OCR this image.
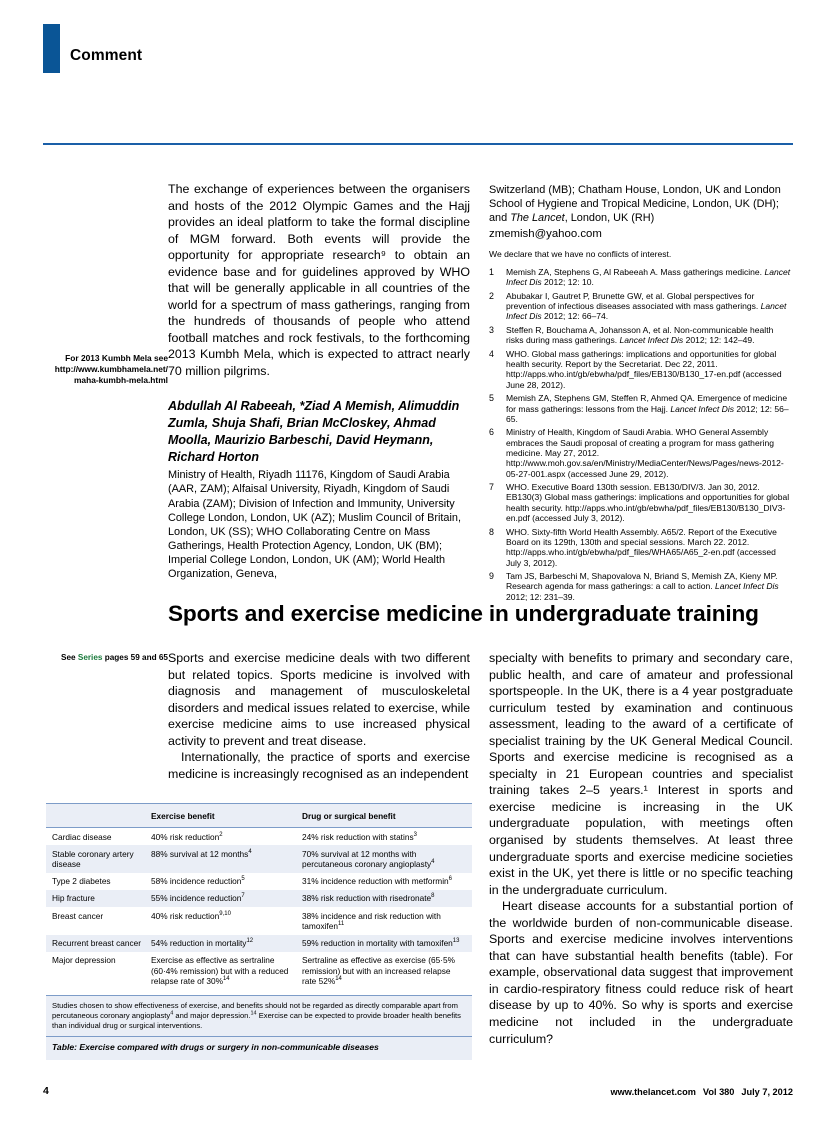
Comment
For 2013 Kumbh Mela see
http://www.kumbhamela.net/
maha-kumbh-mela.html

The exchange of experiences between the organisers and hosts of the 2012 Olympic Games and the Hajj provides an ideal platform to take the formal discipline of MGM forward. Both events will provide the opportunity for appropriate research⁹ to obtain an evidence base and for guidelines approved by WHO that will be generally applicable in all countries of the world for a spectrum of mass gatherings, ranging from the hundreds of thousands of people who attend football matches and rock festivals, to the forthcoming 2013 Kumbh Mela, which is expected to attract nearly 70 million pilgrims.

Abdullah Al Rabeeah, *Ziad A Memish, Alimuddin Zumla, Shuja Shafi, Brian McCloskey, Ahmad Moolla, Maurizio Barbeschi, David Heymann, Richard Horton

Ministry of Health, Riyadh 11176, Kingdom of Saudi Arabia (AAR, ZAM); Alfaisal University, Riyadh, Kingdom of Saudi Arabia (ZAM); Division of Infection and Immunity, University College London, London, UK (AZ); Muslim Council of Britain, London, UK (SS); WHO Collaborating Centre on Mass Gatherings, Health Protection Agency, London, UK (BM); Imperial College London, London, UK (AM); World Health Organization, Geneva,

Switzerland (MB); Chatham House, London, UK and London School of Hygiene and Tropical Medicine, London, UK (DH); and The Lancet, London, UK (RH)

zmemish@yahoo.com

We declare that we have no conflicts of interest.

1 Memish ZA, Stephens G, Al Rabeeah A. Mass gatherings medicine. Lancet Infect Dis 2012; 12: 10.
2 Abubakar I, Gautret P, Brunette GW, et al. Global perspectives for prevention of infectious diseases associated with mass gatherings. Lancet Infect Dis 2012; 12: 66–74.
3 Steffen R, Bouchama A, Johansson A, et al. Non-communicable health risks during mass gatherings. Lancet Infect Dis 2012; 12: 142–49.
4 WHO. Global mass gatherings: implications and opportunities for global health security. Report by the Secretariat. Dec 22, 2011. http://apps.who.int/gb/ebwha/pdf_files/EB130/B130_17-en.pdf (accessed June 28, 2012).
5 Memish ZA, Stephens GM, Steffen R, Ahmed QA. Emergence of medicine for mass gatherings: lessons from the Hajj. Lancet Infect Dis 2012; 12: 56–65.
6 Ministry of Health, Kingdom of Saudi Arabia. WHO General Assembly embraces the Saudi proposal of creating a program for mass gathering medicine. May 27, 2012. http://www.moh.gov.sa/en/Ministry/MediaCenter/News/Pages/news-2012-05-27-001.aspx (accessed June 29, 2012).
7 WHO. Executive Board 130th session. EB130/DIV/3. Jan 30, 2012. EB130(3) Global mass gatherings: implications and opportunities for global health security. http://apps.who.int/gb/ebwha/pdf_files/EB130/B130_DIV3-en.pdf (accessed July 3, 2012).
8 WHO. Sixty-fifth World Health Assembly. A65/2. Report of the Executive Board on its 129th, 130th and special sessions. March 22. 2012. http://apps.who.int/gb/ebwha/pdf_files/WHA65/A65_2-en.pdf (accessed July 3, 2012).
9 Tam JS, Barbeschi M, Shapovalova N, Briand S, Memish ZA, Kieny MP. Research agenda for mass gatherings: a call to action. Lancet Infect Dis 2012; 12: 231–39.
Sports and exercise medicine in undergraduate training
See Series pages 59 and 65 Sports and exercise medicine deals with two different but related topics. Sports medicine is involved with diagnosis and management of musculoskeletal disorders and medical issues related to exercise, while exercise medicine aims to use increased physical activity to prevent and treat disease.

Internationally, the practice of sports and exercise medicine is increasingly recognised as an independent

specialty with benefits to primary and secondary care, public health, and care of amateur and professional sportspeople. In the UK, there is a 4 year postgraduate curriculum tested by examination and continuous assessment, leading to the award of a certificate of specialist training by the UK General Medical Council. Sports and exercise medicine is recognised as a specialty in 21 European countries and specialist training takes 2–5 years.¹ Interest in sports and exercise medicine is increasing in the UK undergraduate population, with meetings often organised by students themselves. At least three undergraduate sports and exercise medicine societies exist in the UK, yet there is little or no specific teaching in the undergraduate curriculum.

Heart disease accounts for a substantial portion of the worldwide burden of non-communicable disease. Sports and exercise medicine involves interventions that can have substantial health benefits (table). For example, observational data suggest that improvement in cardio-respiratory fitness could reduce risk of heart disease by up to 40%. So why is sports and exercise medicine not included in the undergraduate curriculum?

	Exercise benefit	Drug or surgical benefit
Cardiac disease	40% risk reduction$^2$	24% risk reduction with statins$^3$
Stable coronary artery disease	88% survival at 12 months$^4$	70% survival at 12 months with percutaneous coronary angioplasty$^4$
Type 2 diabetes	58% incidence reduction$^5$	31% incidence reduction with metformin$^6$
Hip fracture	55% incidence reduction$^7$	38% risk reduction with risedronate$^8$
Breast cancer	40% risk reduction$^{9,10}$	38% incidence and risk reduction with tamoxifen$^{11}$
Recurrent breast cancer	54% reduction in mortality$^{12}$	59% reduction in mortality with tamoxifen$^{13}$
Major depression	Exercise as effective as sertraline (60·4% remission) but with a reduced relapse rate of 30%$^{14}$	Sertraline as effective as exercise (65·5% remission) but with an increased relapse rate 52%$^{14}$
Studies chosen to show effectiveness of exercise, and benefits should not be regarded as directly comparable apart from percutaneous coronary angioplasty$^4$ and major depression.$^{14}$ Exercise can be expected to provide broader health benefits than individual drug or surgical interventions.
Table: Exercise compared with drugs or surgery in non-communicable diseases
4	www.thelancet.com Vol 380 July 7, 2012
